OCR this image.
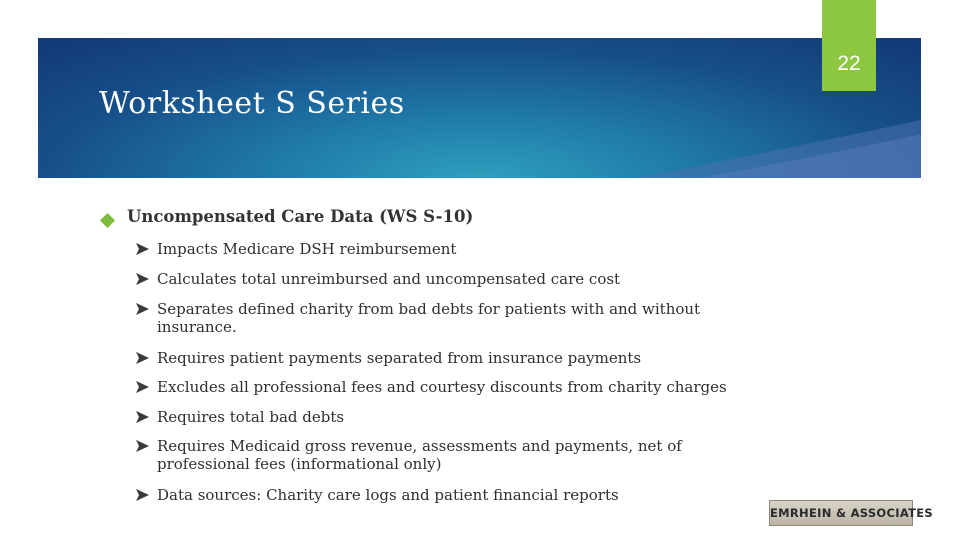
Worksheet S Series
22
Uncompensated Care Data (WS S-10)
Impacts Medicare DSH reimbursement
Calculates total unreimbursed and uncompensated care cost
Separates defined charity from bad debts for patients with and without insurance.
Requires patient payments separated from insurance payments
Excludes all professional fees and courtesy discounts from charity charges
Requires total bad debts
Requires Medicaid gross revenue, assessments and payments, net of professional fees (informational only)
Data sources: Charity care logs and patient financial reports
EMRHEIN & ASSOCIATES
